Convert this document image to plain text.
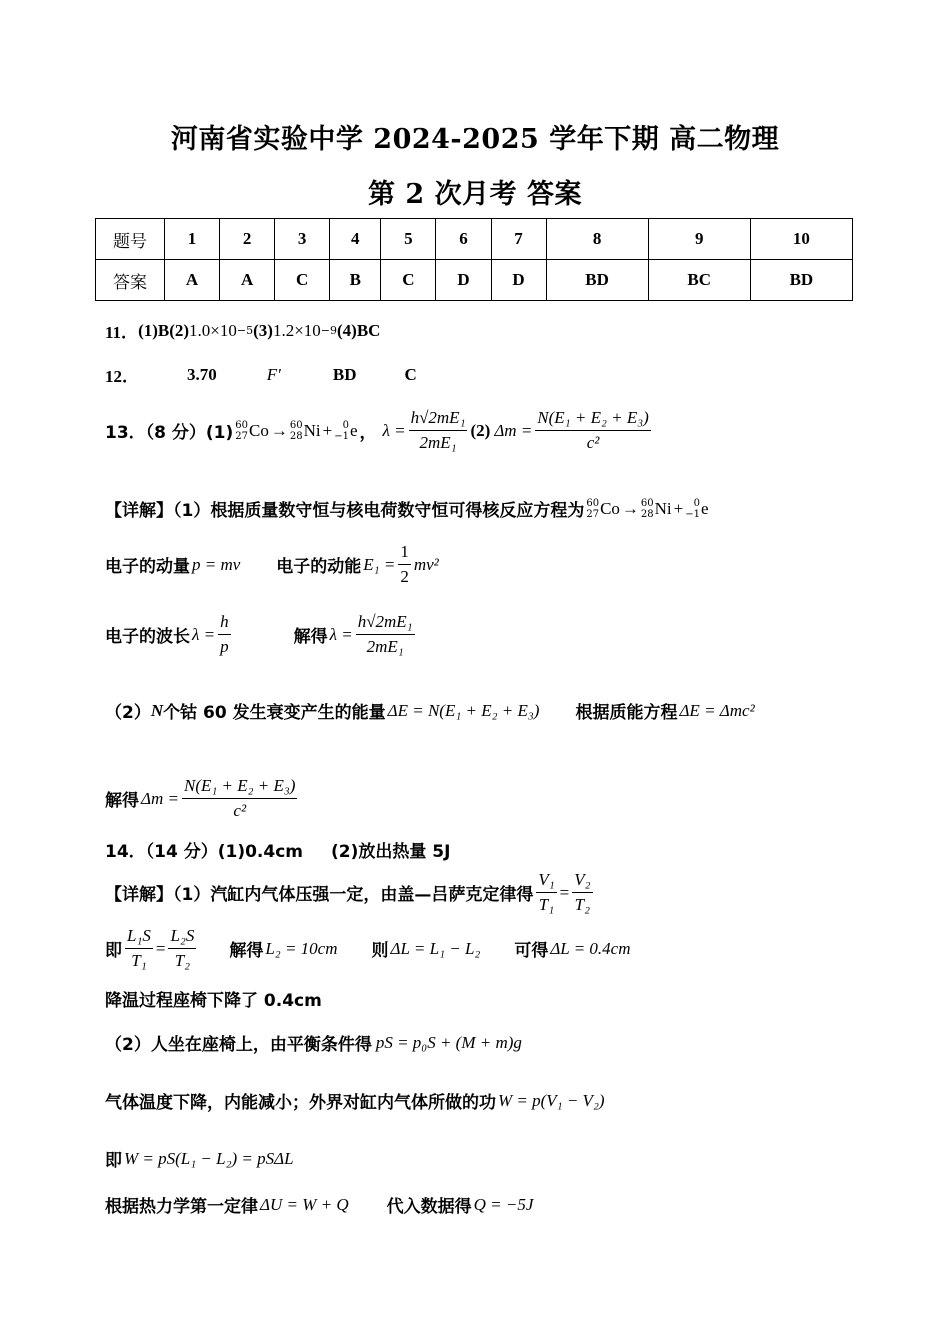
河南省实验中学 2024-2025 学年下期 高二物理
第 2 次月考 答案
题号	1	2	3	4	5	6	7	8	9	10
答案	A	A	C	B	C	D	D	BD	BC	BD
11． (1)B(2) 1.0×10 −5 (3) 1.2×10 −9 (4)BC
12．	3.70	F′	BD	C
13．（8 分）(1) 60
27 Co → 60
28 Ni + 0
−1 e ， $\lambda = \frac{\text{h√2mE₁}}{\text{2mE₁}} (2) \Delta m = \frac{\text{N(E₁ + E₂ + E₃)}}{\text{c²}}$
【详解】（1）根据质量数守恒与核电荷数守恒可得核反应方程为 60
27 Co → 60
28 Ni + 0
−1 e
电子的动量 p = mv 电子的动能 $E_1 = \frac{1}{2} mv^2$
电子的波长 $\lambda = \frac{h}{p}$	解得 $\lambda = \frac{\text{h√2mE₁}}{\text{2mE₁}}$
（2） N 个钴 60 发生衰变产生的能量 ΔE = N(E₁ + E₂ + E₃) 根据质能方程 ΔE = Δmc²
解得 $\Delta m = \frac{\text{N(E₁ + E₂ + E₃)}}{\text{c²}}$
14．（14 分）(1)0.4cm (2)放出热量 5J
【详解】（1）汽缸内气体压强一定，由盖—吕萨克定律得 $\frac{\text{V₁}}{\text{T₁}} = \frac{\text{V₂}}{\text{T₂}}$
即 $\frac{\text{L₁S}}{\text{T₁}} = \frac{\text{L₂S}}{\text{T₂}}$ 解得 L₂ = 10cm 则 ΔL = L₁ − L₂ 可得 ΔL = 0.4cm
降温过程座椅下降了 0.4cm
（2）人坐在座椅上，由平衡条件得 pS = p₀S + (M + m)g
气体温度下降，内能减小；外界对缸内气体所做的功 W = p(V₁ − V₂)
即 W = pS(L₁ − L₂) = pSΔL
根据热力学第一定律 ΔU = W + Q 代入数据得 Q = −5J
